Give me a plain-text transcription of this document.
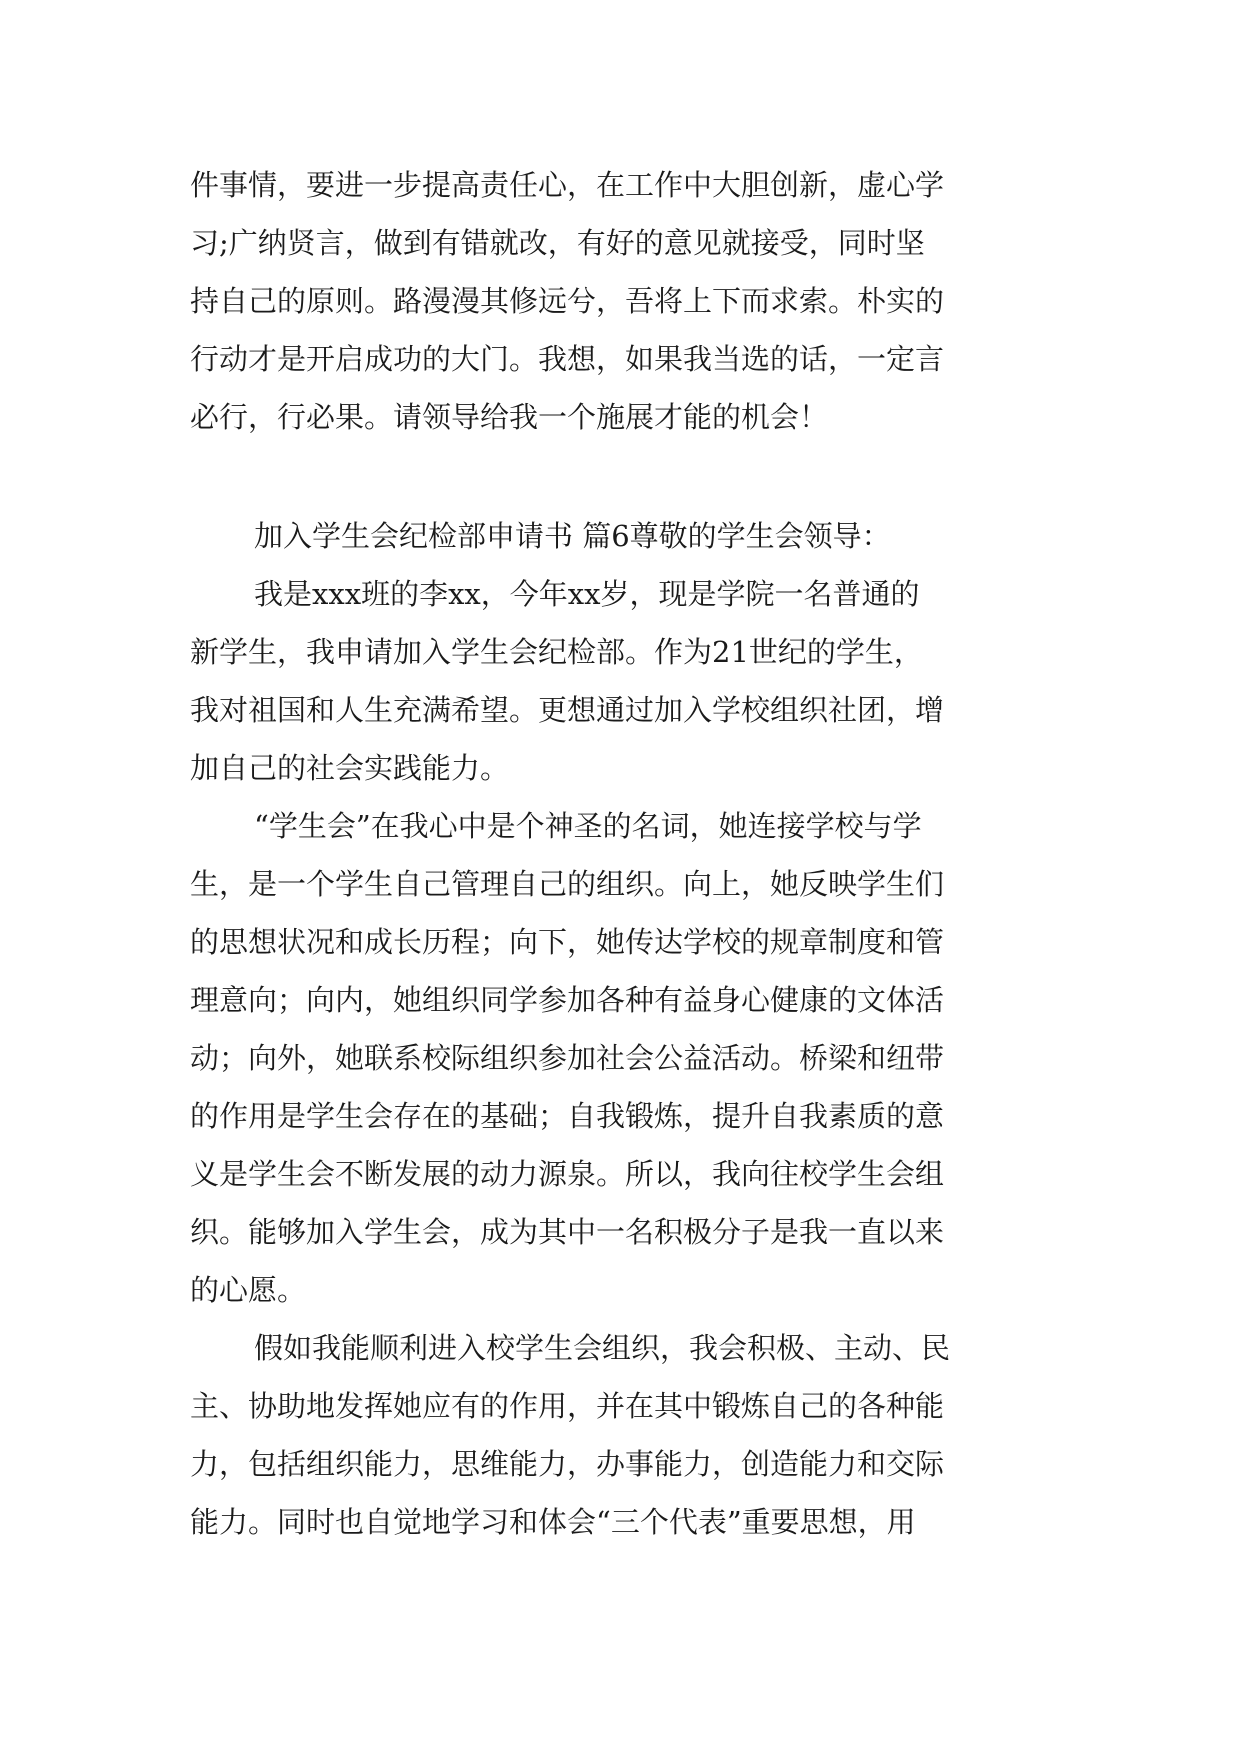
件事情，要进一步提高责任心，在工作中大胆创新，虚心学
习;广纳贤言，做到有错就改，有好的意见就接受，同时坚
持自己的原则。路漫漫其修远兮，吾将上下而求索。朴实的
行动才是开启成功的大门。我想，如果我当选的话，一定言
必行，行必果。请领导给我一个施展才能的机会！

加入学生会纪检部申请书 篇6尊敬的学生会领导：

我是xxx班的李xx，今年xx岁，现是学院一名普通的
新学生，我申请加入学生会纪检部。作为21世纪的学生，
我对祖国和人生充满希望。更想通过加入学校组织社团，增
加自己的社会实践能力。

“学生会”在我心中是个神圣的名词，她连接学校与学
生，是一个学生自己管理自己的组织。向上，她反映学生们
的思想状况和成长历程；向下，她传达学校的规章制度和管
理意向；向内，她组织同学参加各种有益身心健康的文体活
动；向外，她联系校际组织参加社会公益活动。桥梁和纽带
的作用是学生会存在的基础；自我锻炼，提升自我素质的意
义是学生会不断发展的动力源泉。所以，我向往校学生会组
织。能够加入学生会，成为其中一名积极分子是我一直以来
的心愿。

假如我能顺利进入校学生会组织，我会积极、主动、民
主、协助地发挥她应有的作用，并在其中锻炼自己的各种能
力，包括组织能力，思维能力，办事能力，创造能力和交际
能力。同时也自觉地学习和体会“三个代表”重要思想，用
